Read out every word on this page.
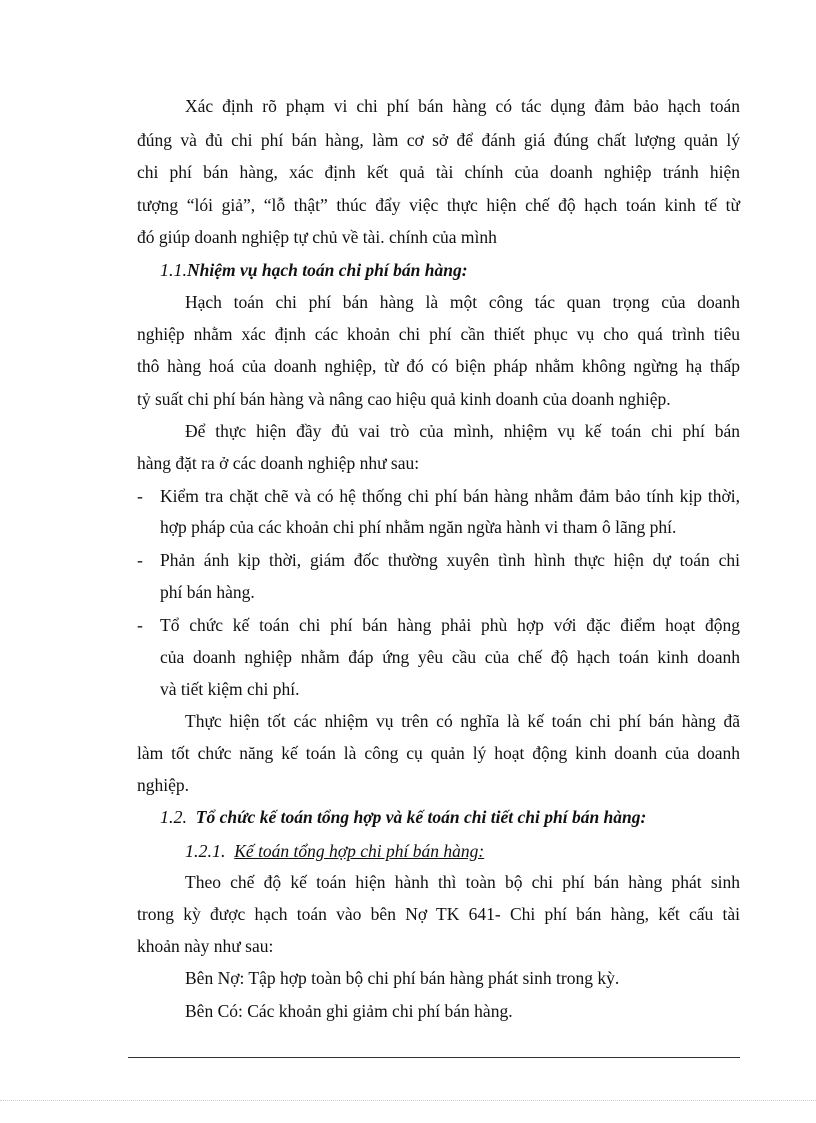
Xác định rõ phạm vi chi phí bán hàng có tác dụng đảm bảo hạch toán
đúng và đủ chi phí bán hàng, làm cơ sở để đánh giá đúng chất lượng quản lý
chi phí bán hàng, xác định kết quả tài chính của doanh nghiệp tránh hiện
tượng “lói giả”, “lỗ thật” thúc đẩy việc thực hiện chế độ hạch toán kinh tế từ
đó giúp doanh nghiệp tự chủ về tài. chính của mình
1.1.Nhiệm vụ hạch toán chi phí bán hàng:
Hạch toán chi phí bán hàng là một công tác quan trọng của doanh
nghiệp nhằm xác định các khoản chi phí cần thiết phục vụ cho quá trình tiêu
thô hàng hoá của doanh nghiệp, từ đó có biện pháp nhằm không ngừng hạ thấp
tỷ suất chi phí bán hàng và nâng cao hiệu quả kinh doanh của doanh nghiệp.
Để thực hiện đầy đủ vai trò của mình, nhiệm vụ kế toán chi phí bán
hàng đặt ra ở các doanh nghiệp như sau:
- Kiểm tra chặt chẽ và có hệ thống chi phí bán hàng nhằm đảm bảo tính kịp thời,
hợp pháp của các khoản chi phí nhằm ngăn ngừa hành vi tham ô lãng phí.
- Phản ánh kịp thời, giám đốc thường xuyên tình hình thực hiện dự toán chi
phí bán hàng.
- Tổ chức kế toán chi phí bán hàng phải phù hợp với đặc điểm hoạt động
của doanh nghiệp nhằm đáp ứng yêu cầu của chế độ hạch toán kinh doanh
và tiết kiệm chi phí.
Thực hiện tốt các nhiệm vụ trên có nghĩa là kế toán chi phí bán hàng đã
làm tốt chức năng kế toán là công cụ quản lý hoạt động kinh doanh của doanh
nghiệp.
1.2. Tổ chức kế toán tổng hợp và kế toán chi tiết chi phí bán hàng:
1.2.1. Kế toán tổng hợp chi phí bán hàng:
Theo chế độ kế toán hiện hành thì toàn bộ chi phí bán hàng phát sinh
trong kỳ được hạch toán vào bên Nợ TK 641- Chi phí bán hàng, kết cấu tài
khoản này như sau:
Bên Nợ: Tập hợp toàn bộ chi phí bán hàng phát sinh trong kỳ.
Bên Có: Các khoản ghi giảm chi phí bán hàng.
